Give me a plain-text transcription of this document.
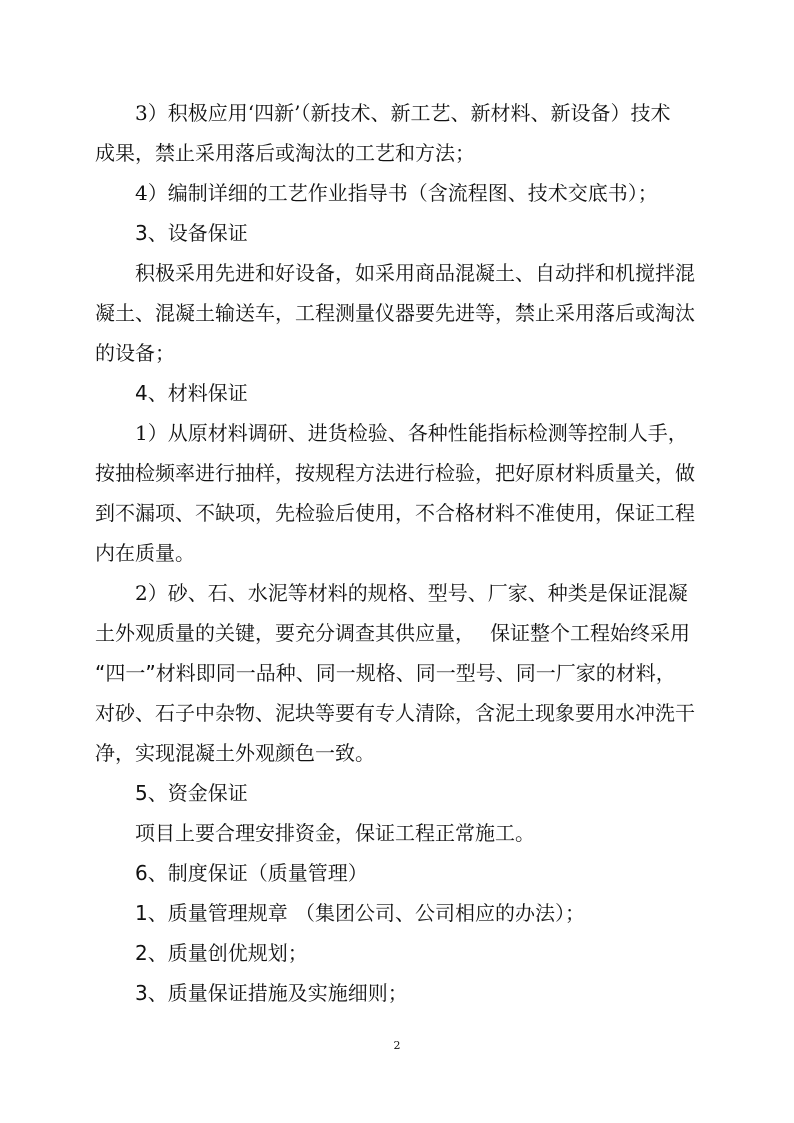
3）积极应用‘四新’（新技术、新工艺、新材料、新设备）技术
成果，禁止采用落后或淘汰的工艺和方法；
4）编制详细的工艺作业指导书（含流程图、技术交底书）；
3、设备保证
积极采用先进和好设备，如采用商品混凝土、自动拌和机搅拌混
凝土、混凝土输送车，工程测量仪器要先进等，禁止采用落后或淘汰
的设备；
4、材料保证
1）从原材料调研、进货检验、各种性能指标检测等控制人手，
按抽检频率进行抽样，按规程方法进行检验，把好原材料质量关，做
到不漏项、不缺项，先检验后使用，不合格材料不准使用，保证工程
内在质量。
2）砂、石、水泥等材料的规格、型号、厂家、种类是保证混凝
土外观质量的关键，要充分调查其供应量， 保证整个工程始终采用
“四一”材料即同一品种、同一规格、同一型号、同一厂家的材料，
对砂、石子中杂物、泥块等要有专人清除，含泥土现象要用水冲洗干
净，实现混凝土外观颜色一致。
5、资金保证
项目上要合理安排资金，保证工程正常施工。
6、制度保证（质量管理）
1、质量管理规章 （集团公司、公司相应的办法）；
2、质量创优规划；
3、质量保证措施及实施细则；
2
